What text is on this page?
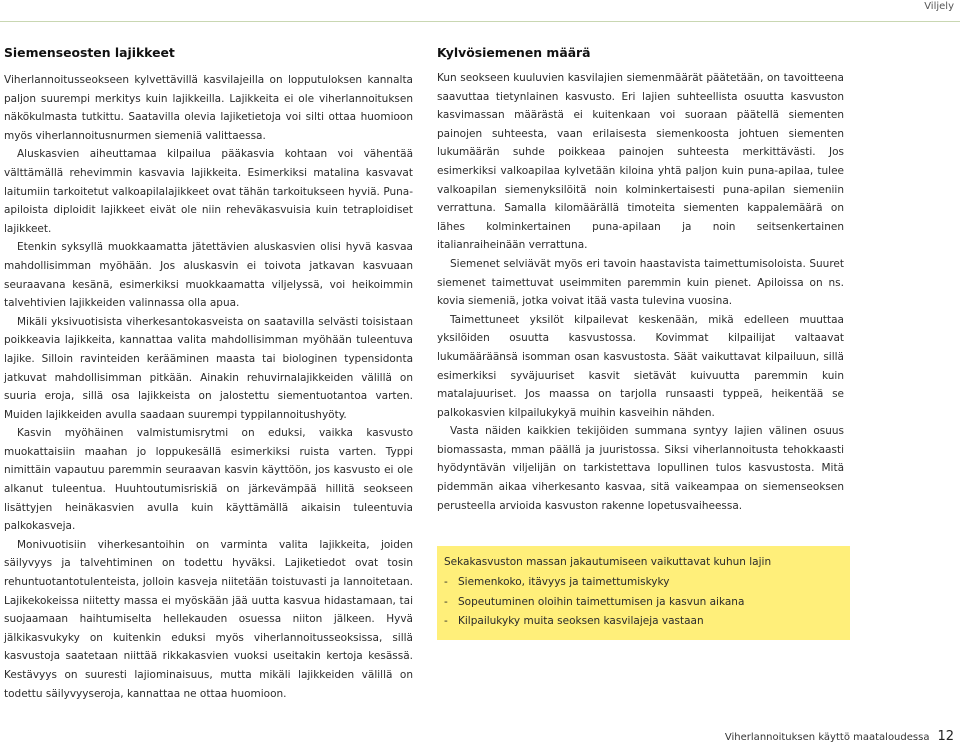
Viljely
Siemenseosten lajikkeet

Viherlannoitusseokseen kylvettävillä kasvilajeilla on lopputuloksen kannalta paljon suurempi merkitys kuin lajikkeilla. Lajikkeita ei ole viherlannoituksen näkökulmasta tutkittu. Saatavilla olevia lajiketietoja voi silti ottaa huomioon myös viherlannoitusnurmen siemeniä valittaessa.

Aluskasvien aiheuttamaa kilpailua pääkasvia kohtaan voi vähentää välttämällä rehevimmin kasvavia lajikkeita. Esimerkiksi matalina kasvavat laitumiin tarkoitetut valkoapilalajikkeet ovat tähän tarkoitukseen hyviä. Puna-apiloista diploidit lajikkeet eivät ole niin reheväkasvuisia kuin tetraploidiset lajikkeet.

Etenkin syksyllä muokkaamatta jätettävien aluskasvien olisi hyvä kasvaa mahdollisimman myöhään. Jos aluskasvin ei toivota jatkavan kasvuaan seuraavana kesänä, esimerkiksi muokkaamatta viljelyssä, voi heikoimmin talvehtivien lajikkeiden valinnassa olla apua.

Mikäli yksivuotisista viherkesantokasveista on saatavilla selvästi toisistaan poikkeavia lajikkeita, kannattaa valita mahdollisimman myöhään tuleentuva lajike. Silloin ravinteiden kerääminen maasta tai biologinen typensidonta jatkuvat mahdollisimman pitkään. Ainakin rehuvirnalajikkeiden välillä on suuria eroja, sillä osa lajikkeista on jalostettu siementuotantoa varten. Muiden lajikkeiden avulla saadaan suurempi typpilannoitushyöty.

Kasvin myöhäinen valmistumisrytmi on eduksi, vaikka kasvusto muokattaisiin maahan jo loppukesällä esimerkiksi ruista varten. Typpi nimittäin vapautuu paremmin seuraavan kasvin käyttöön, jos kasvusto ei ole alkanut tuleentua. Huuhtoutumisriskiä on järkevämpää hillitä seokseen lisättyjen heinäkasvien avulla kuin käyttämällä aikaisin tuleentuvia palkokasveja.

Monivuotisiin viherkesantoihin on varminta valita lajikkeita, joiden säilyvyys ja talvehtiminen on todettu hyväksi. Lajiketiedot ovat tosin rehuntuotantotulenteista, jolloin kasveja niitetään toistuvasti ja lannoitetaan. Lajikekokeissa niitetty massa ei myöskään jää uutta kasvua hidastamaan, tai suojaamaan haihtumiselta hellekauden osuessa niiton jälkeen. Hyvä jälkikasvukyky on kuitenkin eduksi myös viherlannoitusseoksissa, sillä kasvustoja saatetaan niittää rikkakasvien vuoksi useitakin kertoja kesässä. Kestävyys on suuresti lajiominaisuus, mutta mikäli lajikkeiden välillä on todettu säilyvyyseroja, kannattaa ne ottaa huomioon.

Kylvösiemenen määrä

Kun seokseen kuuluvien kasvilajien siemenmäärät päätetään, on tavoitteena saavuttaa tietynlainen kasvusto. Eri lajien suhteellista osuutta kasvuston kasvimassan määrästä ei kuitenkaan voi suoraan päätellä siementen painojen suhteesta, vaan erilaisesta siemenkoosta johtuen siementen lukumäärän suhde poikkeaa painojen suhteesta merkittävästi. Jos esimerkiksi valkoapilaa kylvetään kiloina yhtä paljon kuin puna-apilaa, tulee valkoapilan siemenyksilöitä noin kolminkertaisesti puna-apilan siemeniin verrattuna. Samalla kilomäärällä timoteita siementen kappalemäärä on lähes kolminkertainen puna-apilaan ja noin seitsenkertainen italianraiheinään verrattuna.

Siemenet selviävät myös eri tavoin haastavista taimettumisoloista. Suuret siemenet taimettuvat useimmiten paremmin kuin pienet. Apiloissa on ns. kovia siemeniä, jotka voivat itää vasta tulevina vuosina.

Taimettuneet yksilöt kilpailevat keskenään, mikä edelleen muuttaa yksilöiden osuutta kasvustossa. Kovimmat kilpailijat valtaavat lukumääräänsä isomman osan kasvustosta. Säät vaikuttavat kilpailuun, sillä esimerkiksi syväjuuriset kasvit sietävät kuivuutta paremmin kuin matalajuuriset. Jos maassa on tarjolla runsaasti typpeä, heikentää se palkokasvien kilpailukykyä muihin kasveihin nähden.

Vasta näiden kaikkien tekijöiden summana syntyy lajien välinen osuus biomassasta, mman päällä ja juuristossa. Siksi viherlannoitusta tehokkaasti hyödyntävän viljelijän on tarkistettava lopullinen tulos kasvustosta. Mitä pidemmän aikaa viherkesanto kasvaa, sitä vaikeampaa on siemenseoksen perusteella arvioida kasvuston rakenne lopetusvaiheessa.

Sekakasvuston massan jakautumiseen vaikuttavat kuhun lajin
- Siemenkoko, itävyys ja taimettumiskyky
- Sopeutuminen oloihin taimettumisen ja kasvun aikana
- Kilpailukyky muita seoksen kasvilajeja vastaan
Viherlannoituksen käyttö maataloudessa 12
